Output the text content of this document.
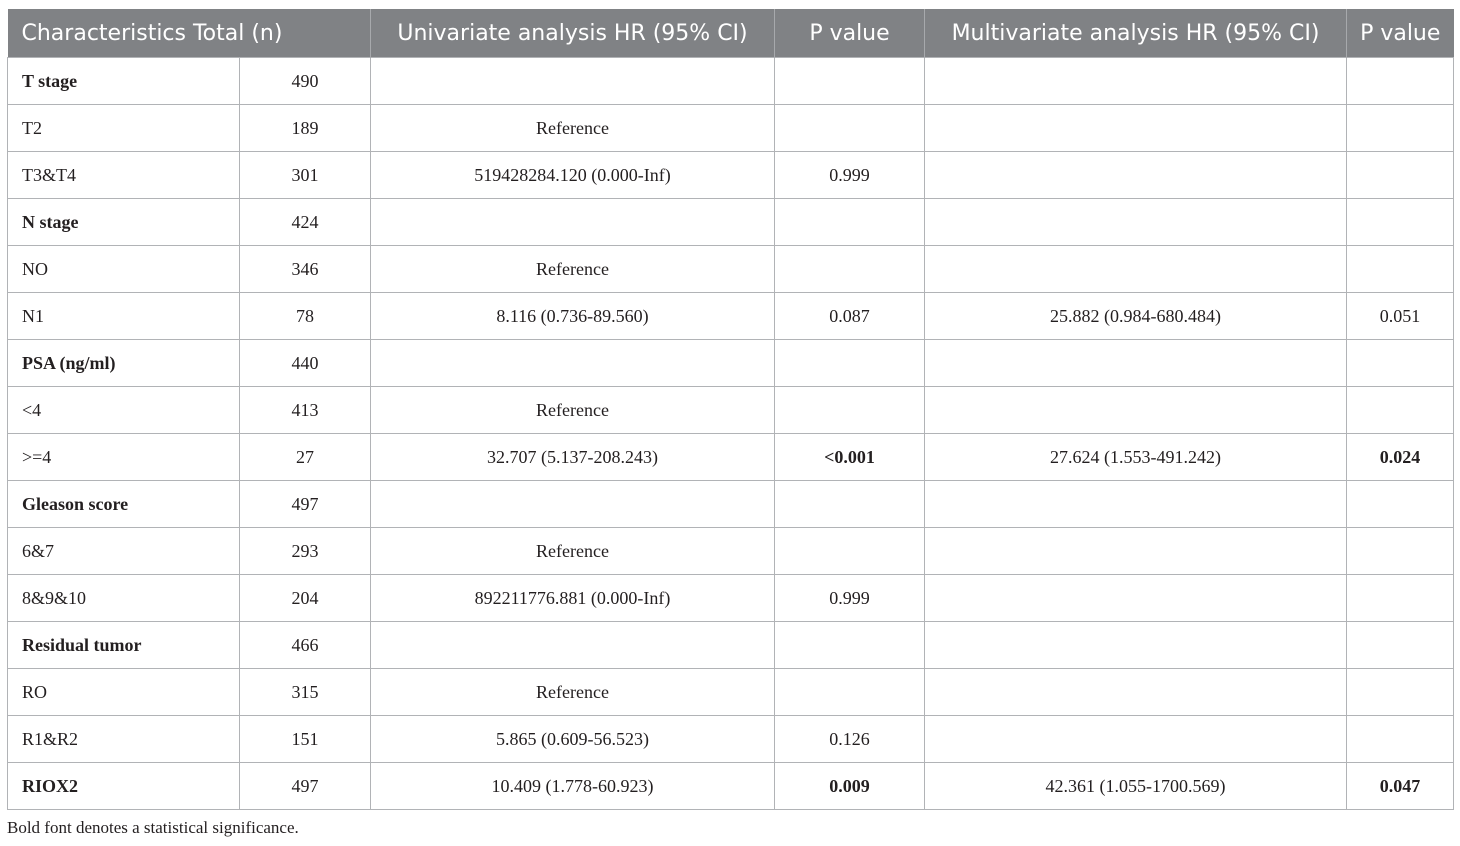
Characteristics Total (n)		Univariate analysis HR (95% CI)	P value	Multivariate analysis HR (95% CI)	P value
T stage	490				
T2	189	Reference			
T3&T4	301	519428284.120 (0.000-Inf)	0.999		
N stage	424				
NO	346	Reference			
N1	78	8.116 (0.736-89.560)	0.087	25.882 (0.984-680.484)	0.051
PSA (ng/ml)	440				
<4	413	Reference			
>=4	27	32.707 (5.137-208.243)	<0.001	27.624 (1.553-491.242)	0.024
Gleason score	497				
6&7	293	Reference			
8&9&10	204	892211776.881 (0.000-Inf)	0.999		
Residual tumor	466				
RO	315	Reference			
R1&R2	151	5.865 (0.609-56.523)	0.126		
RIOX2	497	10.409 (1.778-60.923)	0.009	42.361 (1.055-1700.569)	0.047
Bold font denotes a statistical significance.
